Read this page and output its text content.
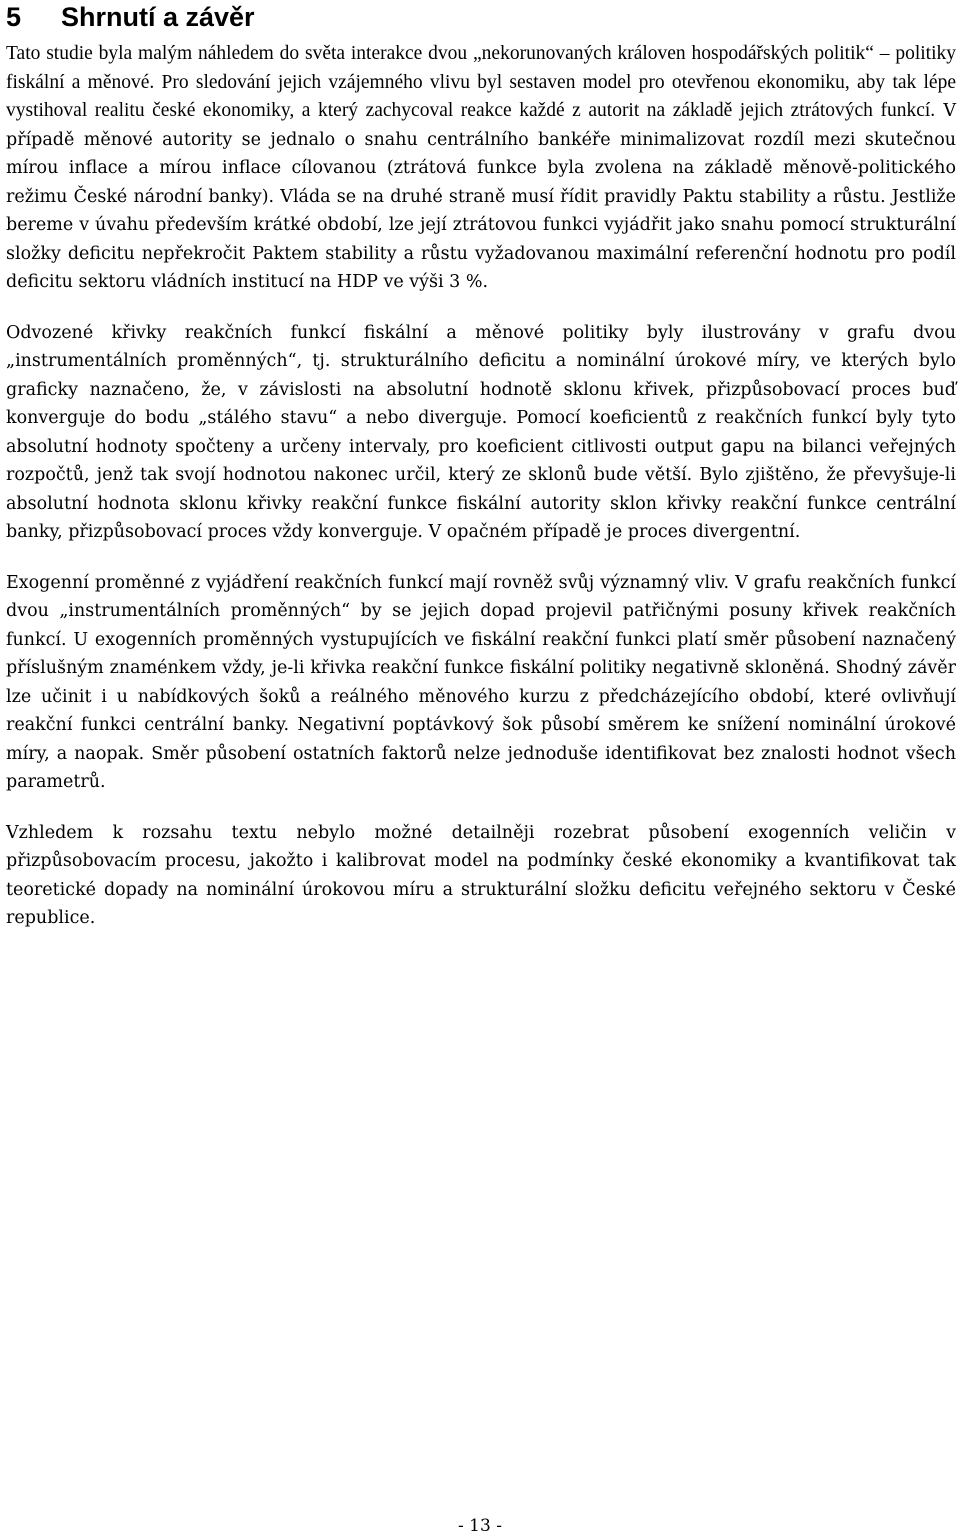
5 Shrnutí a závěr

Tato studie byla malým náhledem do světa interakce dvou „nekorunovaných královen hospodářských politik“ – politiky fiskální a měnové. Pro sledování jejich vzájemného vlivu byl sestaven model pro otevřenou ekonomiku, aby tak lépe vystihoval realitu české ekonomiky, a který zachycoval reakce každé z autorit na základě jejich ztrátových funkcí. V případě měnové autority se jednalo o snahu centrálního bankéře minimalizovat rozdíl mezi skutečnou mírou inflace a mírou inflace cílovanou (ztrátová funkce byla zvolena na základě měnově-politického režimu České národní banky). Vláda se na druhé straně musí řídit pravidly Paktu stability a růstu. Jestliže bereme v úvahu především krátké období, lze její ztrátovou funkci vyjádřit jako snahu pomocí strukturální složky deficitu nepřekročit Paktem stability a růstu vyžadovanou maximální referenční hodnotu pro podíl deficitu sektoru vládních institucí na HDP ve výši 3 %.

Odvozené křivky reakčních funkcí fiskální a měnové politiky byly ilustrovány v grafu dvou „instrumentálních proměnných“, tj. strukturálního deficitu a nominální úrokové míry, ve kterých bylo graficky naznačeno, že, v závislosti na absolutní hodnotě sklonu křivek, přizpůsobovací proces buď konverguje do bodu „stálého stavu“ a nebo diverguje. Pomocí koeficientů z reakčních funkcí byly tyto absolutní hodnoty spočteny a určeny intervaly, pro koeficient citlivosti output gapu na bilanci veřejných rozpočtů, jenž tak svojí hodnotou nakonec určil, který ze sklonů bude větší. Bylo zjištěno, že převyšuje-li absolutní hodnota sklonu křivky reakční funkce fiskální autority sklon křivky reakční funkce centrální banky, přizpůsobovací proces vždy konverguje. V opačném případě je proces divergentní.

Exogenní proměnné z vyjádření reakčních funkcí mají rovněž svůj významný vliv. V grafu reakčních funkcí dvou „instrumentálních proměnných“ by se jejich dopad projevil patřičnými posuny křivek reakčních funkcí. U exogenních proměnných vystupujících ve fiskální reakční funkci platí směr působení naznačený příslušným znaménkem vždy, je-li křivka reakční funkce fiskální politiky negativně skloněná. Shodný závěr lze učinit i u nabídkových šoků a reálného měnového kurzu z předcházejícího období, které ovlivňují reakční funkci centrální banky. Negativní poptávkový šok působí směrem ke snížení nominální úrokové míry, a naopak. Směr působení ostatních faktorů nelze jednoduše identifikovat bez znalosti hodnot všech parametrů.

Vzhledem k rozsahu textu nebylo možné detailněji rozebrat působení exogenních veličin v přizpůsobovacím procesu, jakožto i kalibrovat model na podmínky české ekonomiky a kvantifikovat tak teoretické dopady na nominální úrokovou míru a strukturální složku deficitu veřejného sektoru v České republice.

- 13 -
